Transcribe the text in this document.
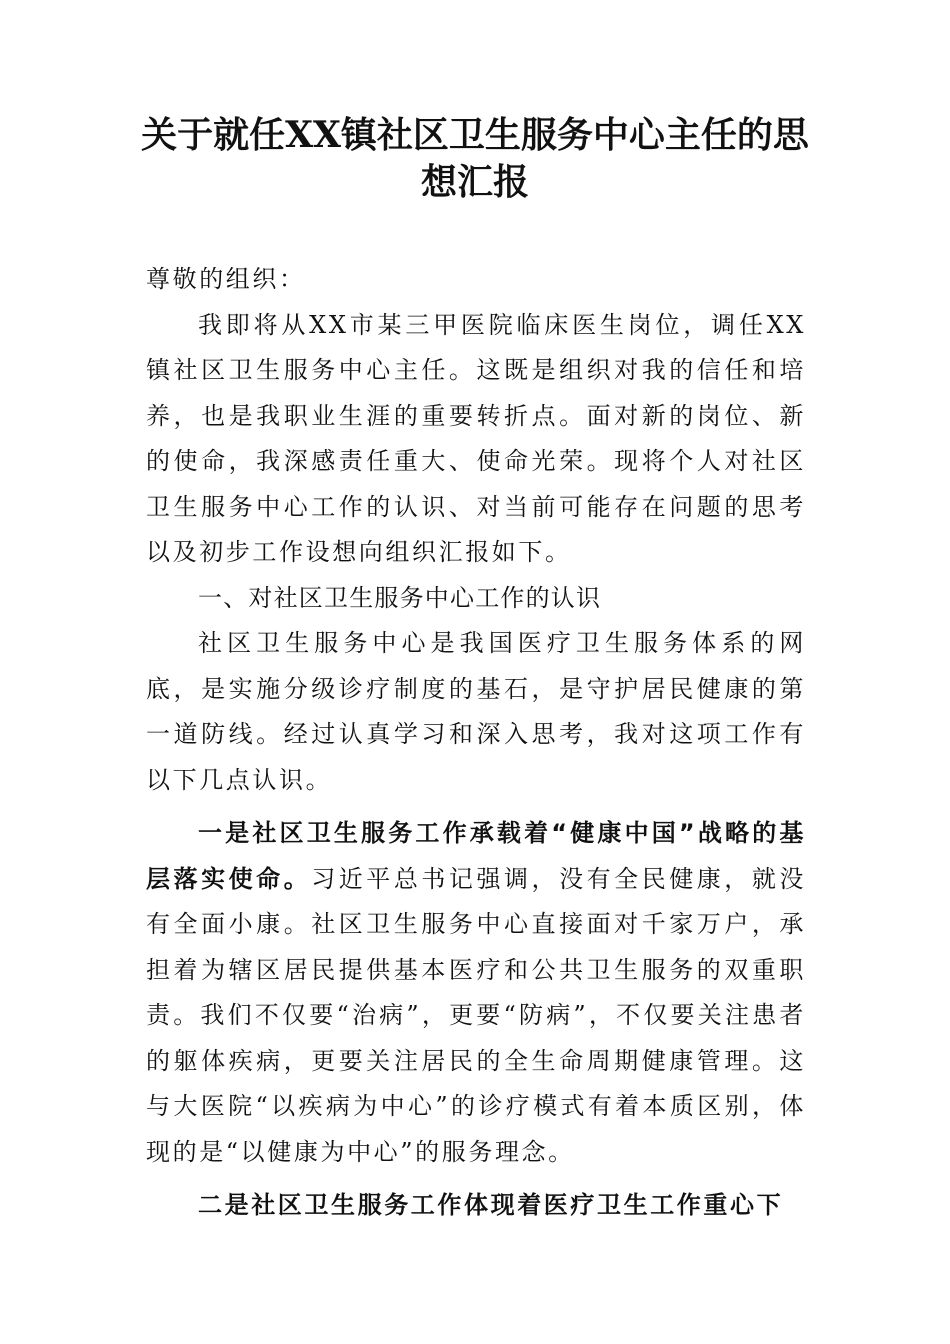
关于就任XX镇社区卫生服务中心主任的思想汇报

尊敬的组织：

我即将从XX市某三甲医院临床医生岗位，调任XX镇社区卫生服务中心主任。这既是组织对我的信任和培养，也是我职业生涯的重要转折点。面对新的岗位、新的使命，我深感责任重大、使命光荣。现将个人对社区卫生服务中心工作的认识、对当前可能存在问题的思考以及初步工作设想向组织汇报如下。

一、对社区卫生服务中心工作的认识

社区卫生服务中心是我国医疗卫生服务体系的网底，是实施分级诊疗制度的基石，是守护居民健康的第一道防线。经过认真学习和深入思考，我对这项工作有以下几点认识。

一是社区卫生服务工作承载着“健康中国”战略的基层落实使命。习近平总书记强调，没有全民健康，就没有全面小康。社区卫生服务中心直接面对千家万户，承担着为辖区居民提供基本医疗和公共卫生服务的双重职责。我们不仅要“治病”，更要“防病”，不仅要关注患者的躯体疾病，更要关注居民的全生命周期健康管理。这与大医院“以疾病为中心”的诊疗模式有着本质区别，体现的是“以健康为中心”的服务理念。

二是社区卫生服务工作体现着医疗卫生工作重心下
